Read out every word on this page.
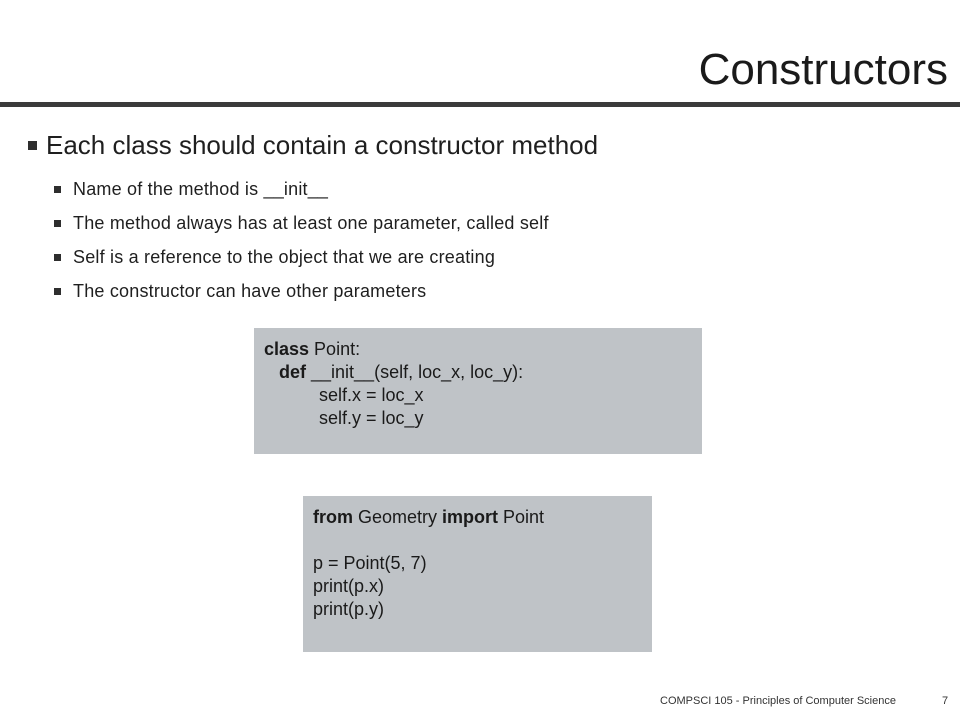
Constructors
Each class should contain a constructor method
Name of the method is __init__
The method always has at least one parameter, called self
Self is a reference to the object that we are creating
The constructor can have other parameters
class Point:
def __init__(self, loc_x, loc_y):
self.x = loc_x
self.y = loc_y
from Geometry import Point
p = Point(5, 7)
print(p.x)
print(p.y)
COMPSCI 105 - Principles of Computer Science	7
